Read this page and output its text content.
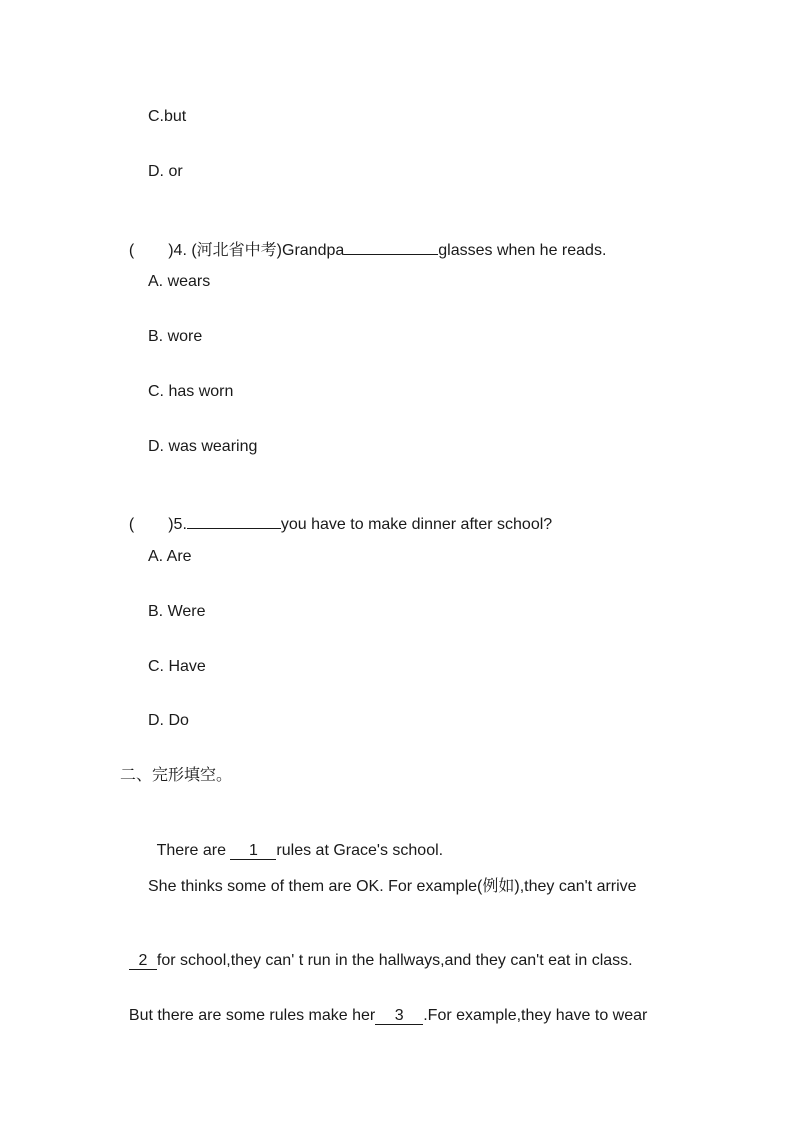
C.but
D. or

( )4. (河北省中考)Grandpa	glasses when he reads.

A. wears
B. wore
C. has worn
D. was wearing

( )5.	you have to make dinner after school?

A. Are
B. Were
C. Have
D. Do
二、完形填空。

There are 1 rules at Grace's school.

She thinks some of them are OK. For example(例如),they can't arrive

2 for school,they can' t run in the hallways,and they can't eat in class.

But there are some rules make her 3 .For example,they have to wear
